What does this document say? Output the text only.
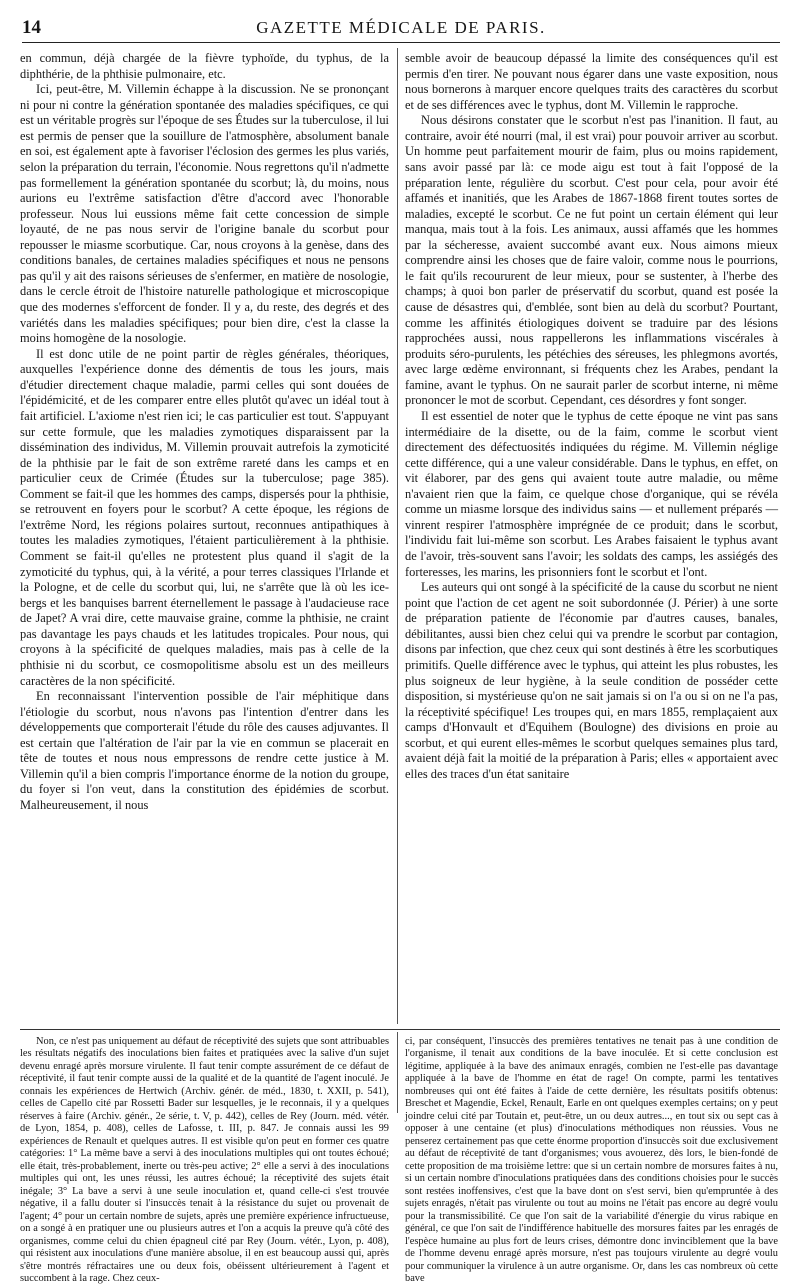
14	GAZETTE MÉDICALE DE PARIS.

en commun, déjà chargée de la fièvre typhoïde, du typhus, de la diphthérie, de la phthisie pulmonaire, etc.

Ici, peut-être, M. Villemin échappe à la discussion. Ne se prononçant ni pour ni contre la génération spontanée des maladies spécifiques, ce qui est un véritable progrès sur l'époque de ses Études sur la tuberculose, il lui est permis de penser que la souillure de l'atmosphère, absolument banale en soi, est également apte à favoriser l'éclosion des germes les plus variés, selon la préparation du terrain, l'économie. Nous regrettons qu'il n'admette pas formellement la génération spontanée du scorbut; là, du moins, nous aurions eu l'extrême satisfaction d'être d'accord avec l'honorable professeur. Nous lui eussions même fait cette concession de simple loyauté, de ne pas nous servir de l'origine banale du scorbut pour repousser le miasme scorbutique. Car, nous croyons à la genèse, dans des conditions banales, de certaines maladies spécifiques et nous ne pensons pas qu'il y ait des raisons sérieuses de s'enfermer, en matière de nosologie, dans le cercle étroit de l'histoire naturelle pathologique et microscopique que des modernes s'efforcent de fonder. Il y a, du reste, des degrés et des variétés dans les maladies spécifiques; pour bien dire, c'est la classe la moins homogène de la nosologie.

Il est donc utile de ne point partir de règles générales, théoriques, auxquelles l'expérience donne des démentis de tous les jours, mais d'étudier directement chaque maladie, parmi celles qui sont douées de l'épidémicité, et de les comparer entre elles plutôt qu'avec un idéal tout à fait artificiel. L'axiome n'est rien ici; le cas particulier est tout. S'appuyant sur cette formule, que les maladies zymotiques disparaissent par la dissémination des individus, M. Villemin prouvait autrefois la zymoticité de la phthisie par le fait de son extrême rareté dans les camps et en particulier ceux de Crimée (Études sur la tuberculose; page 385). Comment se fait-il que les hommes des camps, dispersés pour la phthisie, se retrouvent en foyers pour le scorbut? A cette époque, les régions de l'extrême Nord, les régions polaires surtout, reconnues antipathiques à toutes les maladies zymotiques, l'étaient particulièrement à la phthisie. Comment se fait-il qu'elles ne protestent plus quand il s'agit de la zymoticité du typhus, qui, à la vérité, a pour terres classiques l'Irlande et la Pologne, et de celle du scorbut qui, lui, ne s'arrête que là où les ice-bergs et les banquises barrent éternellement le passage à l'audacieuse race de Japet? A vrai dire, cette mauvaise graine, comme la phthisie, ne craint pas davantage les pays chauds et les latitudes tropicales. Pour nous, qui croyons à la spécificité de quelques maladies, mais pas à celle de la phthisie ni du scorbut, ce cosmopolitisme absolu est un des meilleurs caractères de la non spécificité.

En reconnaissant l'intervention possible de l'air méphitique dans l'étiologie du scorbut, nous n'avons pas l'intention d'entrer dans les développements que comporterait l'étude du rôle des causes adjuvantes. Il est certain que l'altération de l'air par la vie en commun se placerait en tête de toutes et nous nous empressons de rendre cette justice à M. Villemin qu'il a bien compris l'importance énorme de la notion du groupe, du foyer si l'on veut, dans la constitution des épidémies de scorbut. Malheureusement, il nous

semble avoir de beaucoup dépassé la limite des conséquences qu'il est permis d'en tirer. Ne pouvant nous égarer dans une vaste exposition, nous nous bornerons à marquer encore quelques traits des caractères du scorbut et de ses différences avec le typhus, dont M. Villemin le rapproche.

Nous désirons constater que le scorbut n'est pas l'inanition. Il faut, au contraire, avoir été nourri (mal, il est vrai) pour pouvoir arriver au scorbut. Un homme peut parfaitement mourir de faim, plus ou moins rapidement, sans avoir passé par là: ce mode aigu est tout à fait l'opposé de la préparation lente, régulière du scorbut. C'est pour cela, pour avoir été affamés et inanitiés, que les Arabes de 1867-1868 firent toutes sortes de maladies, excepté le scorbut. Ce ne fut point un certain élément qui leur manqua, mais tout à la fois. Les animaux, aussi affamés que les hommes par la sécheresse, avaient succombé avant eux. Nous aimons mieux comprendre ainsi les choses que de faire valoir, comme nous le pourrions, le fait qu'ils recoururent de leur mieux, pour se sustenter, à l'herbe des champs; à quoi bon parler de préservatif du scorbut, quand est posée la cause de désastres qui, d'emblée, sont bien au delà du scorbut? Pourtant, comme les affinités étiologiques doivent se traduire par des lésions rapprochées aussi, nous rappellerons les inflammations viscérales à produits séro-purulents, les pétéchies des séreuses, les phlegmons avortés, avec large œdème environnant, si fréquents chez les Arabes, pendant la famine, avant le typhus. On ne saurait parler de scorbut interne, ni même prononcer le mot de scorbut. Cependant, ces désordres y font songer.

Il est essentiel de noter que le typhus de cette époque ne vint pas sans intermédiaire de la disette, ou de la faim, comme le scorbut vient directement des défectuosités indiquées du régime. M. Villemin néglige cette différence, qui a une valeur considérable. Dans le typhus, en effet, on vit élaborer, par des gens qui avaient toute autre maladie, ou même n'avaient rien que la faim, ce quelque chose d'organique, qui se révéla comme un miasme lorsque des individus sains — et nullement préparés — vinrent respirer l'atmosphère imprégnée de ce produit; dans le scorbut, l'individu fait lui-même son scorbut. Les Arabes faisaient le typhus avant de l'avoir, très-souvent sans l'avoir; les soldats des camps, les assiégés des forteresses, les marins, les prisonniers font le scorbut et l'ont.

Les auteurs qui ont songé à la spécificité de la cause du scorbut ne nient point que l'action de cet agent ne soit subordonnée (J. Périer) à une sorte de préparation patiente de l'économie par d'autres causes, banales, débilitantes, aussi bien chez celui qui va prendre le scorbut par contagion, disons par infection, que chez ceux qui sont destinés à être les scorbutiques primitifs. Quelle différence avec le typhus, qui atteint les plus robustes, les plus soigneux de leur hygiène, à la seule condition de posséder cette disposition, si mystérieuse qu'on ne sait jamais si on l'a ou si on ne l'a pas, la réceptivité spécifique! Les troupes qui, en mars 1855, remplaçaient aux camps d'Honvault et d'Equihem (Boulogne) des divisions en proie au scorbut, et qui eurent elles-mêmes le scorbut quelques semaines plus tard, avaient déjà fait la moitié de la préparation à Paris; elles « apportaient avec elles des traces d'un état sanitaire

Non, ce n'est pas uniquement au défaut de réceptivité des sujets que sont attribuables les résultats négatifs des inoculations bien faites et pratiquées avec la salive d'un sujet devenu enragé après morsure virulente. Il faut tenir compte assurément de ce défaut de réceptivité, il faut tenir compte aussi de la qualité et de la quantité de l'agent inoculé. Je connais les expériences de Hertwich (Archiv. génér. de méd., 1830, t. XXII, p. 541), celles de Capello cité par Rossetti Bader sur lesquelles, je le reconnais, il y a quelques réserves à faire (Archiv. génér., 2e série, t. V, p. 442), celles de Rey (Journ. méd. vétér. de Lyon, 1854, p. 408), celles de Lafosse, t. III, p. 847. Je connais aussi les 99 expériences de Renault et quelques autres. Il est visible qu'on peut en former ces quatre catégories: 1° La même bave a servi à des inoculations multiples qui ont toutes échoué; elle était, très-probablement, inerte ou très-peu active; 2° elle a servi à des inoculations multiples qui ont, les unes réussi, les autres échoué; la réceptivité des sujets était inégale; 3° La bave a servi à une seule inoculation et, quand celle-ci s'est trouvée négative, il a fallu douter si l'insuccès tenait à la résistance du sujet ou provenait de l'agent; 4° pour un certain nombre de sujets, après une première expérience infructueuse, on a songé à en pratiquer une ou plusieurs autres et l'on a acquis la preuve qu'à côté des organismes, comme celui du chien épagneul cité par Rey (Journ. vétér., Lyon, p. 408), qui résistent aux inoculations d'une manière absolue, il en est beaucoup aussi qui, après s'être montrés réfractaires une ou deux fois, obéissent ultérieurement à l'agent et succombent à la rage. Chez ceux-

ci, par conséquent, l'insuccès des premières tentatives ne tenait pas à une condition de l'organisme, il tenait aux conditions de la bave inoculée. Et si cette conclusion est légitime, appliquée à la bave des animaux enragés, combien ne l'est-elle pas davantage appliquée à la bave de l'homme en état de rage! On compte, parmi les tentatives nombreuses qui ont été faites à l'aide de cette dernière, les résultats positifs obtenus: Breschet et Magendie, Eckel, Renault, Earle en ont quelques exemples certains; on y peut joindre celui cité par Toutain et, peut-être, un ou deux autres..., en tout six ou sept cas à opposer à une centaine (et plus) d'inoculations méthodiques non réussies. Vous ne penserez certainement pas que cette énorme proportion d'insuccès soit due exclusivement au défaut de réceptivité de tant d'organismes; vous avouerez, dès lors, le bien-fondé de cette proposition de ma troisième lettre: que si un certain nombre de morsures faites à nu, si un certain nombre d'inoculations pratiquées dans des conditions choisies pour le succès sont restées inoffensives, c'est que la bave dont on s'est servi, bien qu'empruntée à des sujets enragés, n'était pas virulente ou tout au moins ne l'était pas encore au degré voulu pour la transmissibilité. Ce que l'on sait de la variabilité d'énergie du virus rabique en général, ce que l'on sait de l'indifférence habituelle des morsures faites par les enragés de l'espèce humaine au plus fort de leurs crises, démontre donc invinciblement que la bave de l'homme devenu enragé après morsure, n'est pas toujours virulente au degré voulu pour communiquer la virulence à un autre organisme. Or, dans les cas nombreux où cette bave
